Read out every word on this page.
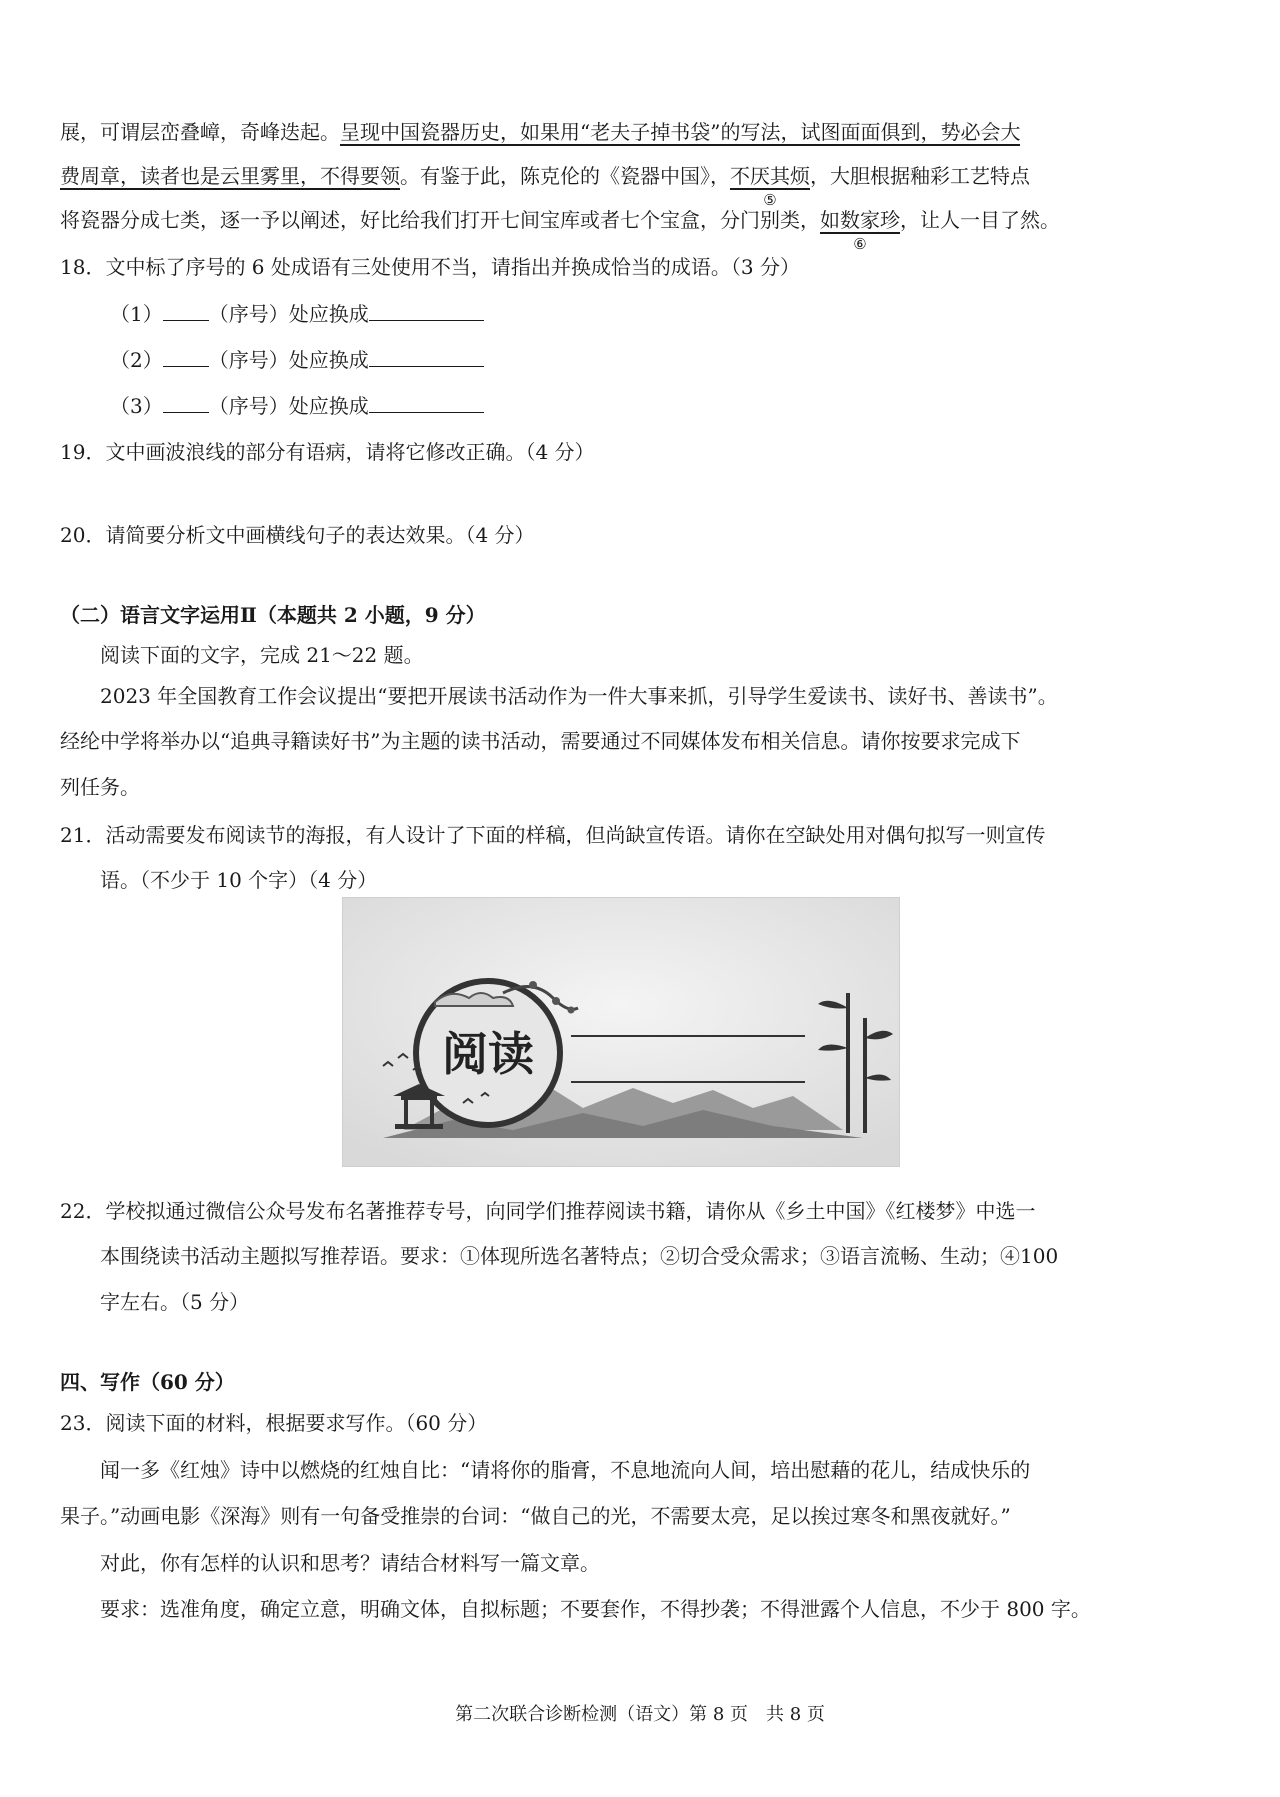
展，可谓层峦叠嶂，奇峰迭起。呈现中国瓷器历史，如果用“老夫子掉书袋”的写法，试图面面俱到，势必会大
费周章，读者也是云里雾里，不得要领。有鉴于此，陈克伦的《瓷器中国》，不厌其烦
⑤
，大胆根据釉彩工艺特点
将瓷器分成七类，逐一予以阐述，好比给我们打开七间宝库或者七个宝盒，分门别类，如数家珍
⑥
，让人一目了然。
18．文中标了序号的 6 处成语有三处使用不当，请指出并换成恰当的成语。（3 分）
（1） （序号）处应换成
（2） （序号）处应换成
（3） （序号）处应换成
19．文中画波浪线的部分有语病，请将它修改正确。（4 分）
20．请简要分析文中画横线句子的表达效果。（4 分）
（二）语言文字运用Ⅱ（本题共 2 小题，9 分）
阅读下面的文字，完成 21～22 题。
2023 年全国教育工作会议提出“要把开展读书活动作为一件大事来抓，引导学生爱读书、读好书、善读书”。
经纶中学将举办以“追典寻籍读好书”为主题的读书活动，需要通过不同媒体发布相关信息。请你按要求完成下
列任务。
21．活动需要发布阅读节的海报，有人设计了下面的样稿，但尚缺宣传语。请你在空缺处用对偶句拟写一则宣传
语。（不少于 10 个字）（4 分）
阅读
22．学校拟通过微信公众号发布名著推荐专号，向同学们推荐阅读书籍，请你从《乡土中国》《红楼梦》中选一
本围绕读书活动主题拟写推荐语。要求：①体现所选名著特点；②切合受众需求；③语言流畅、生动；④100
字左右。（5 分）
四、写作（60 分）
23．阅读下面的材料，根据要求写作。（60 分）
闻一多《红烛》诗中以燃烧的红烛自比：“请将你的脂膏，不息地流向人间，培出慰藉的花儿，结成快乐的
果子。”动画电影《深海》则有一句备受推崇的台词：“做自己的光，不需要太亮，足以挨过寒冬和黑夜就好。”
对此，你有怎样的认识和思考？请结合材料写一篇文章。
要求：选准角度，确定立意，明确文体，自拟标题；不要套作，不得抄袭；不得泄露个人信息，不少于 800 字。
第二次联合诊断检测（语文）第 8 页　共 8 页
